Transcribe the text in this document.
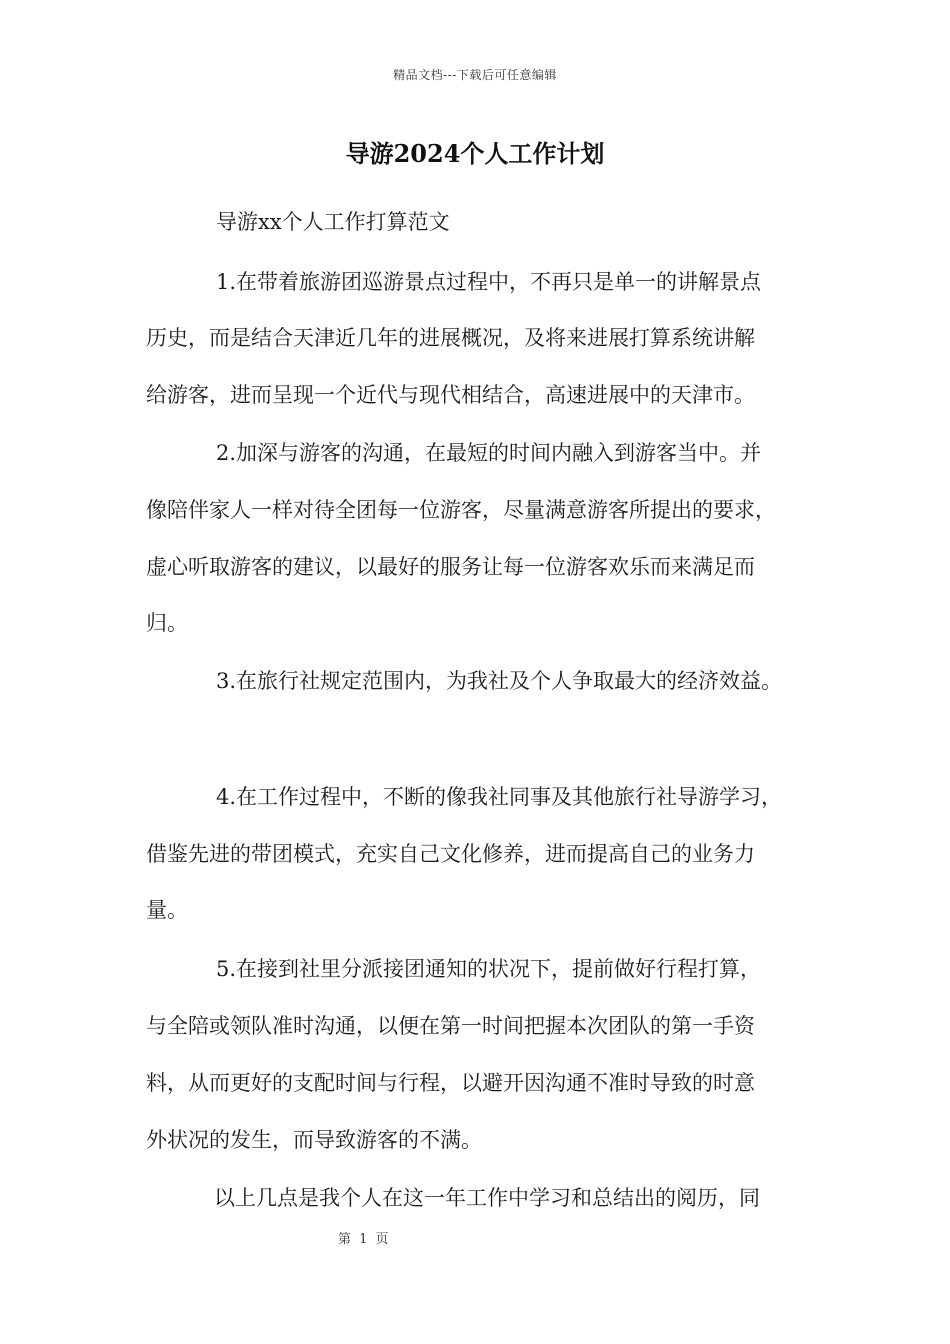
精品文档---下载后可任意编辑
导游2024个人工作计划
导游xx个人工作打算范文
1.在带着旅游团巡游景点过程中，不再只是单一的讲解景点
历史，而是结合天津近几年的进展概况，及将来进展打算系统讲解
给游客，进而呈现一个近代与现代相结合，高速进展中的天津市。
2.加深与游客的沟通，在最短的时间内融入到游客当中。并
像陪伴家人一样对待全团每一位游客，尽量满意游客所提出的要求，
虚心听取游客的建议，以最好的服务让每一位游客欢乐而来满足而
归。
3.在旅行社规定范围内，为我社及个人争取最大的经济效益。
4.在工作过程中，不断的像我社同事及其他旅行社导游学习，
借鉴先进的带团模式，充实自己文化修养，进而提高自己的业务力
量。
5.在接到社里分派接团通知的状况下，提前做好行程打算，
与全陪或领队准时沟通，以便在第一时间把握本次团队的第一手资
料，从而更好的支配时间与行程，以避开因沟通不准时导致的时意
外状况的发生，而导致游客的不满。
以上几点是我个人在这一年工作中学习和总结出的阅历，同
第 1 页
